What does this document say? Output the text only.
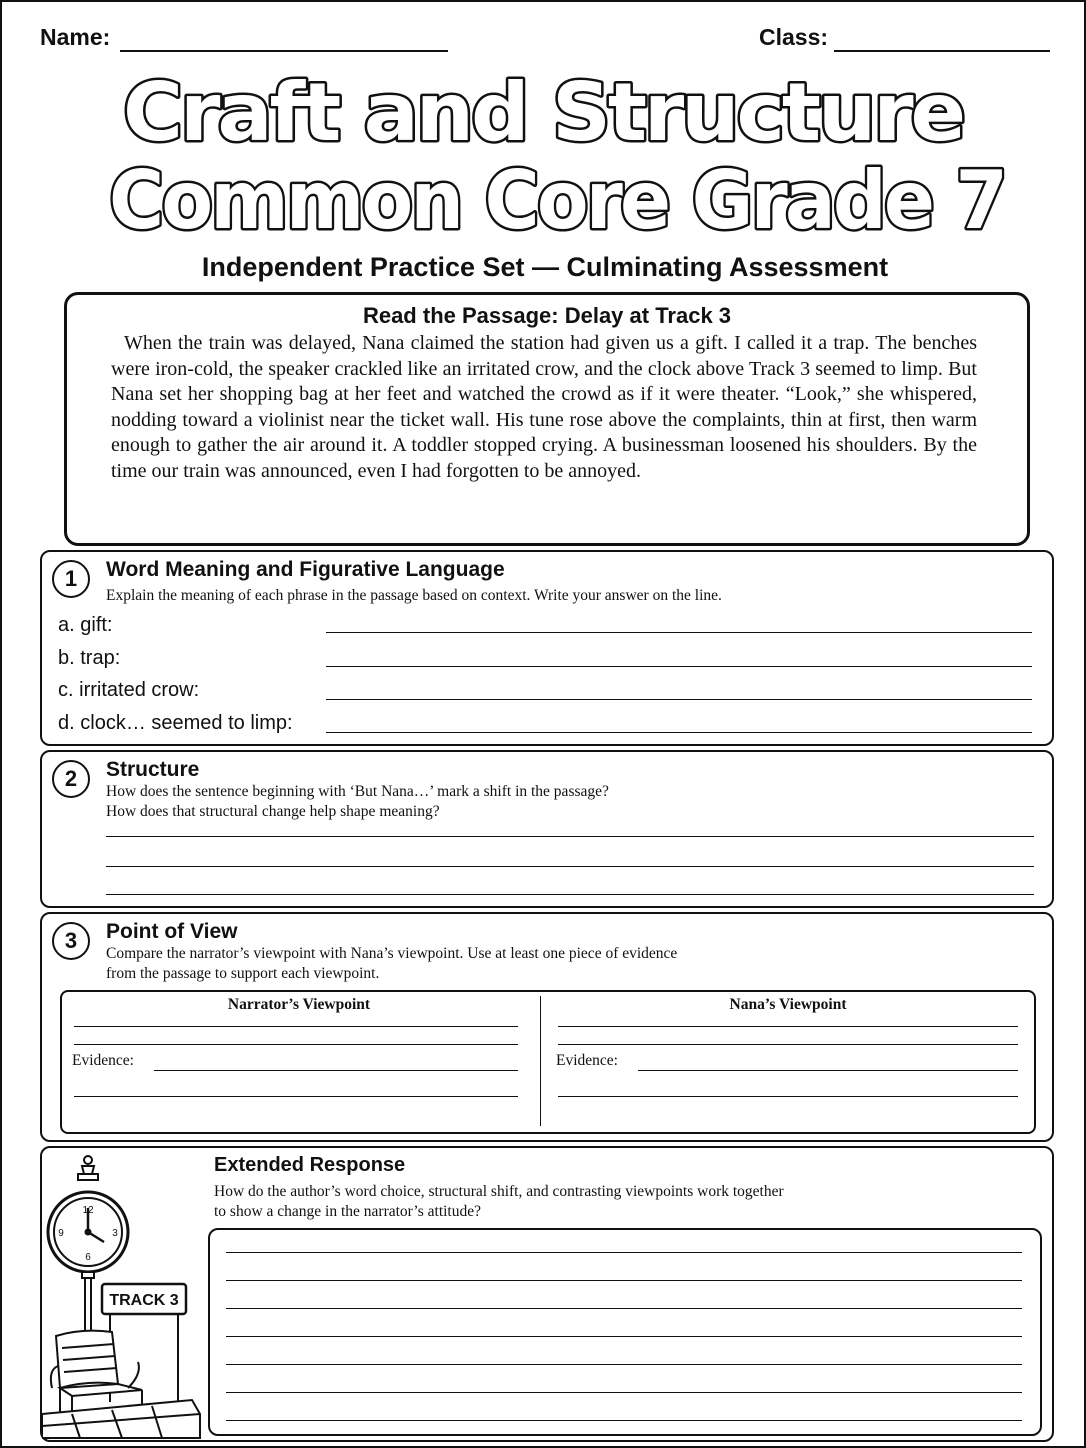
Name:	Class:
Craft and Structure
Common Core Grade 7
Independent Practice Set — Culminating Assessment
Read the Passage: Delay at Track 3
When the train was delayed, Nana claimed the station had given us a gift. I called it a trap. The benches were iron-cold, the speaker crackled like an irritated crow, and the clock above Track 3 seemed to limp. But Nana set her shopping bag at her feet and watched the crowd as if it were theater. “Look,” she whispered, nodding toward a violinist near the ticket wall. His tune rose above the complaints, thin at first, then warm enough to gather the air around it. A toddler stopped crying. A businessman loosened his shoulders. By the time our train was announced, even I had forgotten to be annoyed.
1	Word Meaning and Figurative Language
Explain the meaning of each phrase in the passage based on context. Write your answer on the line.
a. gift:
b. trap:
c. irritated crow:
d. clock… seemed to limp:
2	Structure
How does the sentence beginning with ‘But Nana…’ mark a shift in the passage?
How does that structural change help shape meaning?
3	Point of View
Compare the narrator’s viewpoint with Nana’s viewpoint. Use at least one piece of evidence
from the passage to support each viewpoint.
Narrator’s Viewpoint	Nana’s Viewpoint
Evidence:	Evidence:
Extended Response
How do the author’s word choice, structural shift, and contrasting viewpoints work together
to show a change in the narrator’s attitude?
12
3
6
9
TRACK 3
